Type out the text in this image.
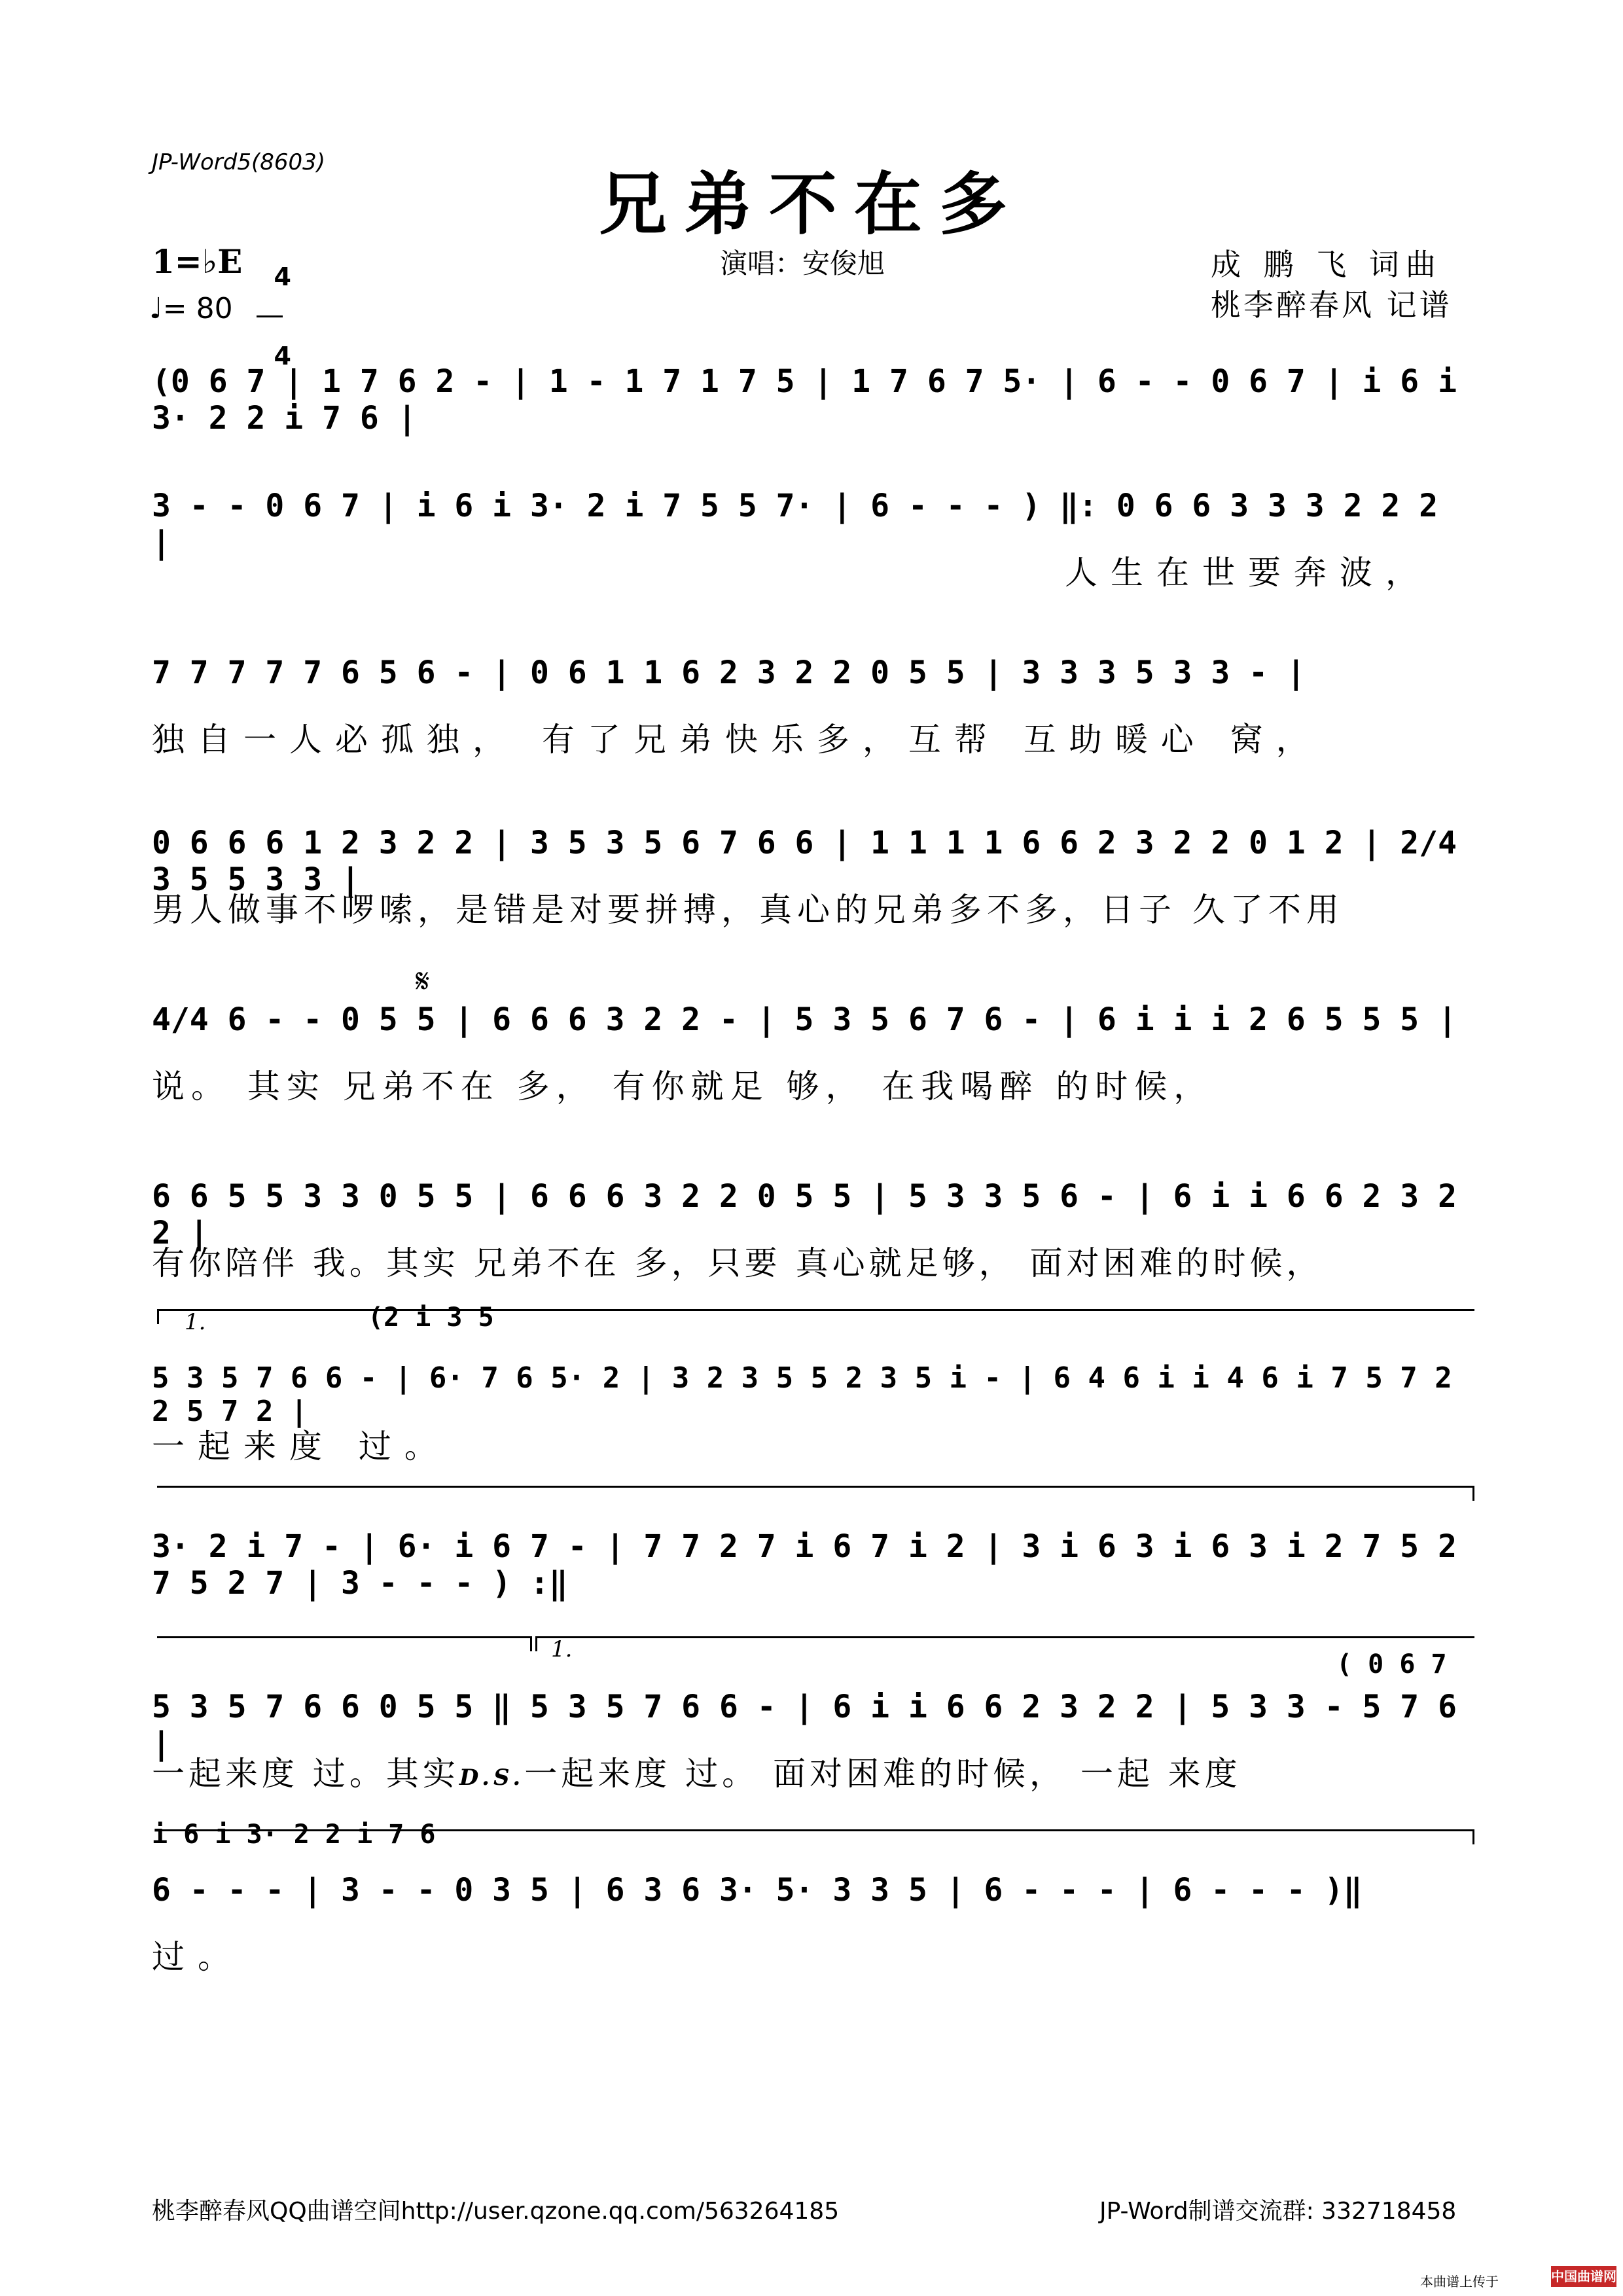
JP-Word5(8603)
兄弟不在多
1=♭E	4

4

♩= 80
演唱：安俊旭	成 鹏 飞 词曲
桃李醉春风 记谱
(0 6 7 | 1 7 6 2 - | 1 - 1 7 1 7 5 | 1 7 6 7 5· | 6 - - 0 6 7 | i 6 i 3· 2 2 i 7 6 |
3 - - 0 6 7 | i 6 i 3· 2 i 7 5 5 7· | 6 - - - ) ‖: 0 6 6 3 3 3 2 2 2 |
人生在世要奔波，
7 7 7 7 7 6 5 6 - | 0 6 1 1 6 2 3 2 2 0 5 5 | 3 3 3 5 3 3 - |
独自一人必孤独， 有了兄弟快乐多，互帮 互助暖心 窝，
0 6 6 6 1 2 3 2 2 | 3 5 3 5 6 7 6 6 | 1 1 1 1 6 6 2 3 2 2 0 1 2 | 2/4 3 5 5 3 3 |
男人做事不啰嗦，是错是对要拼搏，真心的兄弟多不多，日子 久了不用
𝄋
4/4 6 - - 0 5 5 | 6 6 6 3 2 2 - | 5 3 5 6 7 6 - | 6 i i i 2 6 5 5 5 |
说。 其实 兄弟不在 多， 有你就足 够， 在我喝醉 的时候，
6 6 5 5 3 3 0 5 5 | 6 6 6 3 2 2 0 5 5 | 5 3 3 5 6 - | 6 i i 6 6 2 3 2 2 |
有你陪伴 我。其实 兄弟不在 多，只要 真心就足够， 面对困难的时候，
1.	(2 i 3 5
5 3 5 7 6 6 - | 6· 7 6 5· 2 | 3 2 3 5 5 2 3 5 i - | 6 4 6 i i 4 6 i 7 5 7 2 2 5 7 2 |
一起来度 过。
3· 2 i 7 - | 6· i 6 7 - | 7 7 2 7 i 6 7 i 2 | 3 i 6 3 i 6 3 i 2 7 5 2 7 5 2 7 | 3 - - - ) :‖
1.	( 0 6 7
5 3 5 7 6 6 0 5 5 ‖ 5 3 5 7 6 6 - | 6 i i 6 6 2 3 2 2 | 5 3 3 - 5 7 6 |
一起来度 过。其实D.S.一起来度 过。 面对困难的时候， 一起 来度
i 6 i 3· 2 2 i 7 6
6 - - - | 3 - - 0 3 5 | 6 3 6 3· 5· 3 3 5 | 6 - - - | 6 - - - )‖
过。
桃李醉春风QQ曲谱空间http://user.qzone.qq.com/563264185	JP-Word制谱交流群: 332718458
本曲谱上传于	中国曲谱网
